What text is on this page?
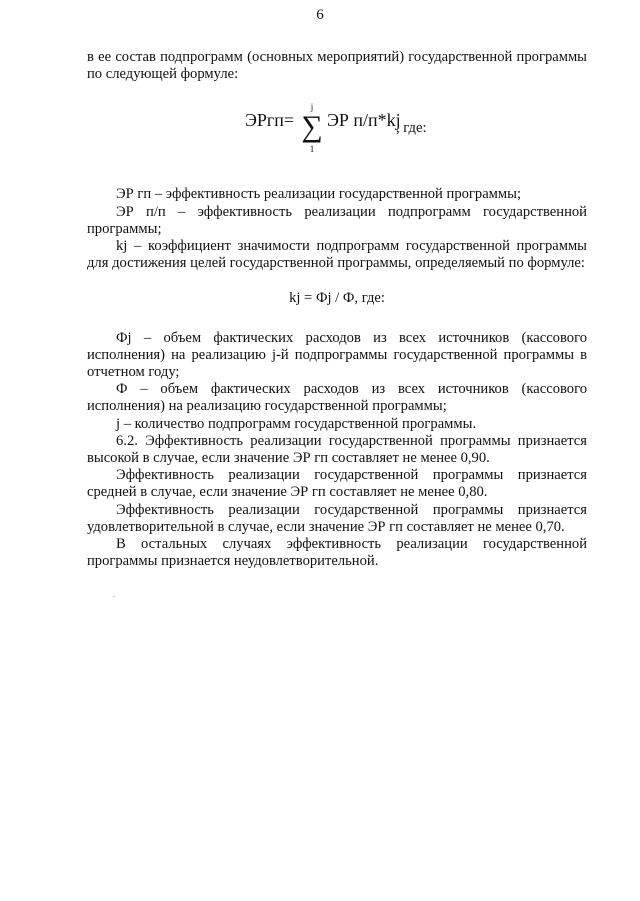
6

в ее состав подпрограмм (основных мероприятий) государственной программы по следующей формуле:

ЭРгп=
j
∑
1
ЭР п/п*kj
, где:

ЭР гп – эффективность реализации государственной программы;

ЭР п/п – эффективность реализации подпрограмм государственной программы;

kj – коэффициент значимости подпрограмм государственной программы для достижения целей государственной программы, определяемый по формуле:

kj = Фj / Ф, где:

Фj – объем фактических расходов из всех источников (кассового исполнения) на реализацию j-й подпрограммы государственной программы в отчетном году;

Ф – объем фактических расходов из всех источников (кассового исполнения) на реализацию государственной программы;

j – количество подпрограмм государственной программы.

6.2. Эффективность реализации государственной программы признается высокой в случае, если значение ЭР гп составляет не менее 0,90.

Эффективность реализации государственной программы признается средней в случае, если значение ЭР гп составляет не менее 0,80.

Эффективность реализации государственной программы признается удовлетворительной в случае, если значение ЭР гп составляет не менее 0,70.

В остальных случаях эффективность реализации государственной программы признается неудовлетворительной.
